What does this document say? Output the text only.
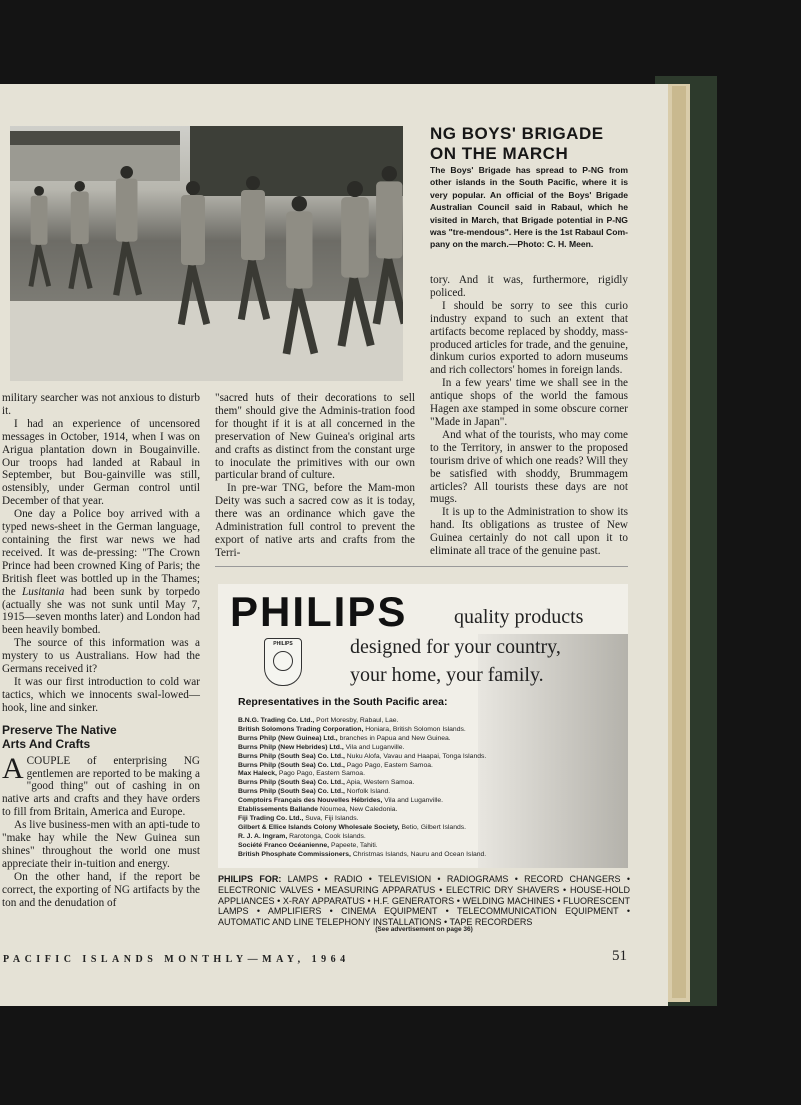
NG BOYS' BRIGADE
ON THE MARCH

The Boys' Brigade has spread to P-NG from other islands in the South Pacific, where it is very popular. An official of the Boys' Brigade Australian Council said in Rabaul, which he visited in March, that Brigade potential in P-NG was "tre-mendous". Here is the 1st Rabaul Com-pany on the march.—Photo: C. H. Meen.

military searcher was not anxious to disturb it.

I had an experience of uncensored messages in October, 1914, when I was on Ariguа plantation down in Bougainville. Our troops had landed at Rabaul in September, but Bou-gainville was still, ostensibly, under German control until December of that year.

One day a Police boy arrived with a typed news-sheet in the German language, containing the first war news we had received. It was de-pressing: "The Crown Prince had been crowned King of Paris; the British fleet was bottled up in the Thames; the Lusitania had been sunk by torpedo (actually she was not sunk until May 7, 1915—seven months later) and London had been heavily bombed.

The source of this information was a mystery to us Australians. How had the Germans received it?

It was our first introduction to cold war tactics, which we innocents swal-lowed—hook, line and sinker.

Preserve The Native
Arts And Crafts

ACOUPLE of enterprising NG gentlemen are reported to be making a "good thing" out of cashing in on native arts and crafts and they have orders to fill from Britain, America and Europe.

As live business-men with an apti-tude to "make hay while the New Guinea sun shines" throughout the world one must appreciate their in-tuition and energy.

On the other hand, if the report be correct, the exporting of NG artifacts by the ton and the denudation of

"sacred huts of their decorations to sell them" should give the Adminis-tration food for thought if it is at all concerned in the preservation of New Guinea's original arts and crafts as distinct from the constant urge to inoculate the primitives with our own particular brand of culture.

In pre-war TNG, before the Mam-mon Deity was such a sacred cow as it is today, there was an ordinance which gave the Administration full control to prevent the export of native arts and crafts from the Terri-

tory. And it was, furthermore, rigidly policed.

I should be sorry to see this curio industry expand to such an extent that artifacts become replaced by shoddy, mass-produced articles for trade, and the genuine, dinkum curios exported to adorn museums and rich collectors' homes in foreign lands.

In a few years' time we shall see in the antique shops of the world the famous Hagen axe stamped in some obscure corner "Made in Japan".

And what of the tourists, who may come to the Territory, in answer to the proposed tourism drive of which one reads? Will they be satisfied with shoddy, Brummagem articles? All tourists these days are not mugs.

It is up to the Administration to show its hand. Its obligations as trustee of New Guinea certainly do not call upon it to eliminate all trace of the genuine past.

PHILIPS

PHILIPS

quality products

designed for your country,

your home, your family.

Representatives in the South Pacific area:

B.N.G. Trading Co. Ltd., Port Moresby, Rabaul, Lae.
British Solomons Trading Corporation, Honiara, British Solomon Islands.
Burns Philp (New Guinea) Ltd., branches in Papua and New Guinea.
Burns Philp (New Hebrides) Ltd., Vila and Luganville.
Burns Philp (South Sea) Co. Ltd., Nuku Alofa, Vavau and Haapai, Tonga Islands.
Burns Philp (South Sea) Co. Ltd., Pago Pago, Eastern Samoa.
Max Haleck, Pago Pago, Eastern Samoa.
Burns Philp (South Sea) Co. Ltd., Apia, Western Samoa.
Burns Philp (South Sea) Co. Ltd., Norfolk Island.
Comptoirs Français des Nouvelles Hébrides, Vila and Luganville.
Etablissements Ballande Noumea, New Caledonia.
Fiji Trading Co. Ltd., Suva, Fiji Islands.
Gilbert & Ellice Islands Colony Wholesale Society, Betio, Gilbert Islands.
R. J. A. Ingram, Rarotonga, Cook Islands.
Société Franco Océanienne, Papeete, Tahiti.
British Phosphate Commissioners, Christmas Islands, Nauru and Ocean Island.

PHILIPS FOR: LAMPS • RADIO • TELEVISION • RADIOGRAMS • RECORD CHANGERS • ELECTRONIC VALVES • MEASURING APPARATUS • ELECTRIC DRY SHAVERS • HOUSE-HOLD APPLIANCES • X-RAY APPARATUS • H.F. GENERATORS • WELDING MACHINES • FLUORESCENT LAMPS • AMPLIFIERS • CINEMA EQUIPMENT • TELECOMMUNICATION EQUIPMENT • AUTOMATIC AND LINE TELEPHONY INSTALLATIONS • TAPE RECORDERS

(See advertisement on page 36)

PACIFIC ISLANDS MONTHLY—MAY, 1964	51
